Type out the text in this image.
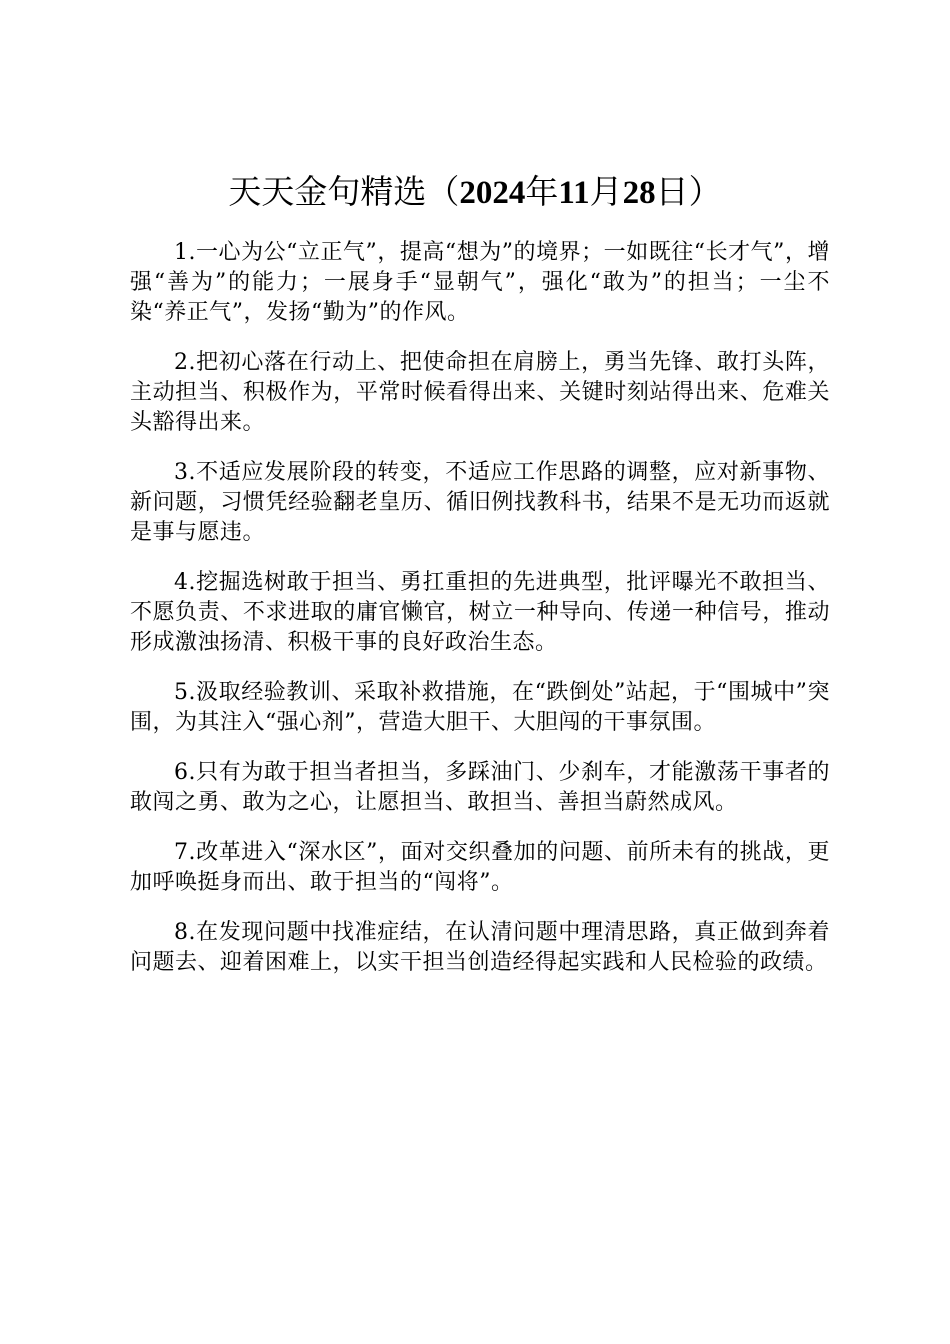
天天金句精选（2024年11月28日）

1.一心为公“立正气”，提高“想为”的境界；一如既往“长才气”，增强“善为”的能力；一展身手“显朝气”，强化“敢为”的担当；一尘不染“养正气”，发扬“勤为”的作风。

2.把初心落在行动上、把使命担在肩膀上，勇当先锋、敢打头阵，主动担当、积极作为，平常时候看得出来、关键时刻站得出来、危难关头豁得出来。

3.不适应发展阶段的转变，不适应工作思路的调整，应对新事物、新问题，习惯凭经验翻老皇历、循旧例找教科书，结果不是无功而返就是事与愿违。

4.挖掘选树敢于担当、勇扛重担的先进典型，批评曝光不敢担当、不愿负责、不求进取的庸官懒官，树立一种导向、传递一种信号，推动形成激浊扬清、积极干事的良好政治生态。

5.汲取经验教训、采取补救措施，在“跌倒处”站起，于“围城中”突围，为其注入“强心剂”，营造大胆干、大胆闯的干事氛围。

6.只有为敢于担当者担当，多踩油门、少刹车，才能激荡干事者的敢闯之勇、敢为之心，让愿担当、敢担当、善担当蔚然成风。

7.改革进入“深水区”，面对交织叠加的问题、前所未有的挑战，更加呼唤挺身而出、敢于担当的“闯将”。

8.在发现问题中找准症结，在认清问题中理清思路，真正做到奔着问题去、迎着困难上，以实干担当创造经得起实践和人民检验的政绩。
